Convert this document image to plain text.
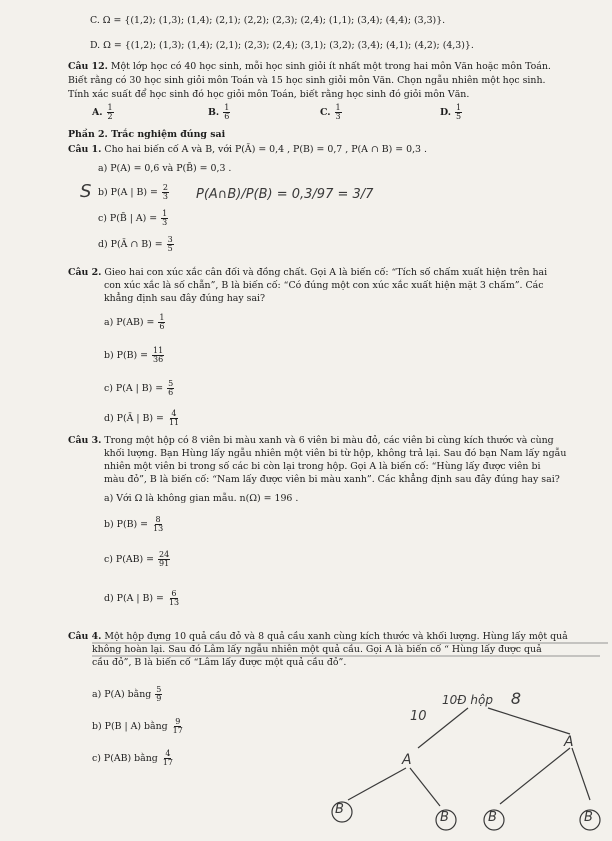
C. Ω = {(1,2); (1,3); (1,4); (2,1); (2,2); (2,3); (2,4); (1,1); (3,4); (4,4); (3,3)}.
D. Ω = {(1,2); (1,3); (1,4); (2,1); (2,3); (2,4); (3,1); (3,2); (3,4); (4,1); (4,2); (4,3)}.
Câu 12. Một lớp học có 40 học sinh, mỗi học sinh giỏi ít nhất một trong hai môn Văn hoặc môn Toán.
Biết rằng có 30 học sinh giỏi môn Toán và 15 học sinh giỏi môn Văn. Chọn ngẫu nhiên một học sinh.
Tính xác suất để học sinh đó học giỏi môn Toán, biết rằng học sinh đó giỏi môn Văn.
A. $\frac{1}{2}$	B. $\frac{1}{6}$	C. $\frac{1}{3}$	D. $\frac{1}{5}$
Phần 2. Trắc nghiệm đúng sai
Câu 1. Cho hai biến cố A và B, với P(Ā) = 0,4 , P(B) = 0,7 , P(A ∩ B) = 0,3 .
a) P(A) = 0,6 và P(B̄) = 0,3 .
b) P(A | $B) = \frac{2}{3}$
c) P(B̄ | $A) = \frac{1}{3}$
d) P(Ā ∩ $B) = \frac{3}{5}$
S	P(A∩B)/P(B) = 0,3/97 = 3/7
Câu 2. Gieo hai con xúc xắc cân đối và đồng chất. Gọi A là biến cố: “Tích số chấm xuất hiện trên hai
con xúc xắc là số chẵn”, B là biến cố: “Có đúng một con xúc xắc xuất hiện mặt 3 chấm”. Các
khẳng định sau đây đúng hay sai?
a) $P(AB) = \frac{1}{6}$
b) $P(B) = \frac{11}{36}$
c) P(A | $B) = \frac{5}{6}$
d) P(Ā | $B) = \frac{4}{11}$
Câu 3. Trong một hộp có 8 viên bi màu xanh và 6 viên bi màu đỏ, các viên bi cùng kích thước và cùng
khối lượng. Bạn Hùng lấy ngẫu nhiên một viên bi từ hộp, không trả lại. Sau đó bạn Nam lấy ngẫu
nhiên một viên bi trong số các bi còn lại trong hộp. Gọi A là biến cố: “Hùng lấy được viên bi
màu đỏ”, B là biến cố: “Nam lấy được viên bi màu xanh”. Các khẳng định sau đây đúng hay sai?
a) Với Ω là không gian mẫu. n(Ω) = 196 .
b) $P(B) = \frac{8}{13}$
c) $P(AB) = \frac{24}{91}$
d) P(A | $B) = \frac{6}{13}$
Câu 4. Một hộp đựng 10 quả cầu đỏ và 8 quả cầu xanh cùng kích thước và khối lượng. Hùng lấy một quả
không hoàn lại. Sau đó Lâm lấy ngẫu nhiên một quả cầu. Gọi A là biến cố “ Hùng lấy được quả
cầu đỏ”, B là biến cố “Lâm lấy được một quả cầu đỏ”.
a) P(A) bằng $\frac{5}{9}$
b) P(B | A) bằng $\frac{9}{17}$
c) P(AB) bằng $\frac{4}{17}$
10Đ hộp 8
10
A
A
B
B	B	B
